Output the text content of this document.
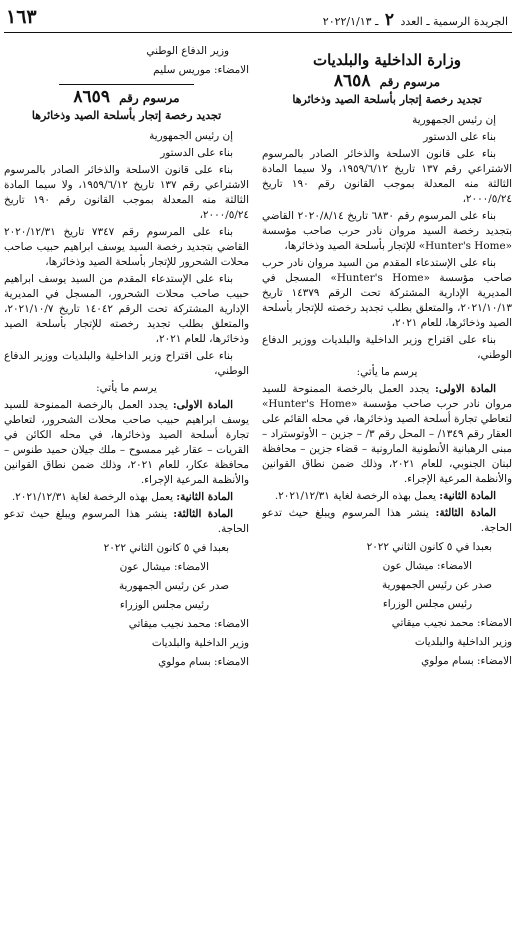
الجريدة الرسمية ـ العدد ٢ ـ ٢٠٢٢/١/١٣
١٦٣
وزارة الداخلية والبلديات
مرسوم رقم ٨٦٥٨
تجديد رخصة إتجار بأسلحة الصيد وذخائرها

إن رئيس الجمهورية

بناء على الدستور

بناء على قانون الاسلحة والذخائر الصادر بالمرسوم الاشتراعي رقم ١٣٧ تاريخ ١٩٥٩/٦/١٢، ولا سيما المادة الثالثة منه المعدلة بموجب القانون رقم ١٩٠ تاريخ ٢٠٠٠/٥/٢٤،

بناء على المرسوم رقم ٦٨٣٠ تاريخ ٢٠٢٠/٨/١٤ القاضي بتجديد رخصة السيد مروان نادر حرب صاحب مؤسسة «Hunter's Home» للإتجار بأسلحة الصيد وذخائرها،

بناء على الإستدعاء المقدم من السيد مروان نادر حرب صاحب مؤسسة «Hunter's Home» المسجل في المديرية الإدارية المشتركة تحت الرقم ١٤٣٧٩ تاريخ ٢٠٢١/١٠/١٣، والمتعلق بطلب تجديد رخصته للإتجار بأسلحة الصيد وذخائرها، للعام ٢٠٢١،

بناء على اقتراح وزير الداخلية والبلديات ووزير الدفاع الوطني،

يرسم ما يأتي:

المادة الاولى: يجدد العمل بالرخصة الممنوحة للسيد مروان نادر حرب صاحب مؤسسة «Hunter's Home» لتعاطي تجارة أسلحة الصيد وذخائرها، في محله القائم على العقار رقم ١٣٤٩/ – المحل رقم ٣/ – جزين – الأوتوستراد – مبنى الرهبانية الأنطونية المارونية – قضاء جزين – محافظة لبنان الجنوبي، للعام ٢٠٢١، وذلك ضمن نطاق القوانين والأنظمة المرعية الإجراء.

المادة الثانية: يعمل بهذه الرخصة لغاية ٢٠٢١/١٢/٣١.

المادة الثالثة: ينشر هذا المرسوم ويبلغ حيث تدعو الحاجة.

بعبدا في ٥ كانون الثاني ٢٠٢٢

الامضاء: ميشال عون

صدر عن رئيس الجمهورية

رئيس مجلس الوزراء

الامضاء: محمد نجيب ميقاتي

وزير الداخلية والبلديات

الامضاء: بسام مولوي

وزير الدفاع الوطني

الامضاء: موريس سليم

مرسوم رقم ٨٦٥٩
تجديد رخصة إتجار بأسلحة الصيد وذخائرها

إن رئيس الجمهورية

بناء على الدستور

بناء على قانون الاسلحة والذخائر الصادر بالمرسوم الاشتراعي رقم ١٣٧ تاريخ ١٩٥٩/٦/١٢، ولا سيما المادة الثالثة منه المعدلة بموجب القانون رقم ١٩٠ تاريخ ٢٠٠٠/٥/٢٤،

بناء على المرسوم رقم ٧٣٤٧ تاريخ ٢٠٢٠/١٢/٣١ القاضي بتجديد رخصة السيد يوسف ابراهيم حبيب صاحب محلات الشحرور للإتجار بأسلحة الصيد وذخائرها،

بناء على الإستدعاء المقدم من السيد يوسف ابراهيم حبيب صاحب محلات الشحرور، المسجل في المديرية الإدارية المشتركة تحت الرقم ١٤٠٤٢ تاريخ ٢٠٢١/١٠/٧، والمتعلق بطلب تجديد رخصته للإتجار بأسلحة الصيد وذخائرها، للعام ٢٠٢١،

بناء على اقتراح وزير الداخلية والبلديات ووزير الدفاع الوطني،

يرسم ما يأتي:

المادة الاولى: يجدد العمل بالرخصة الممنوحة للسيد يوسف ابراهيم حبيب صاحب محلات الشحرور، لتعاطي تجارة أسلحة الصيد وذخائرها، في محله الكائن في القريات – عقار غير ممسوح – ملك جيلان حميد طنوس – محافظة عكار، للعام ٢٠٢١، وذلك ضمن نطاق القوانين والأنظمة المرعية الإجراء.

المادة الثانية: يعمل بهذه الرخصة لغاية ٢٠٢١/١٢/٣١.

المادة الثالثة: ينشر هذا المرسوم ويبلغ حيث تدعو الحاجة.

بعبدا في ٥ كانون الثاني ٢٠٢٢

الامضاء: ميشال عون

صدر عن رئيس الجمهورية

رئيس مجلس الوزراء

الامضاء: محمد نجيب ميقاتي

وزير الداخلية والبلديات

الامضاء: بسام مولوي
